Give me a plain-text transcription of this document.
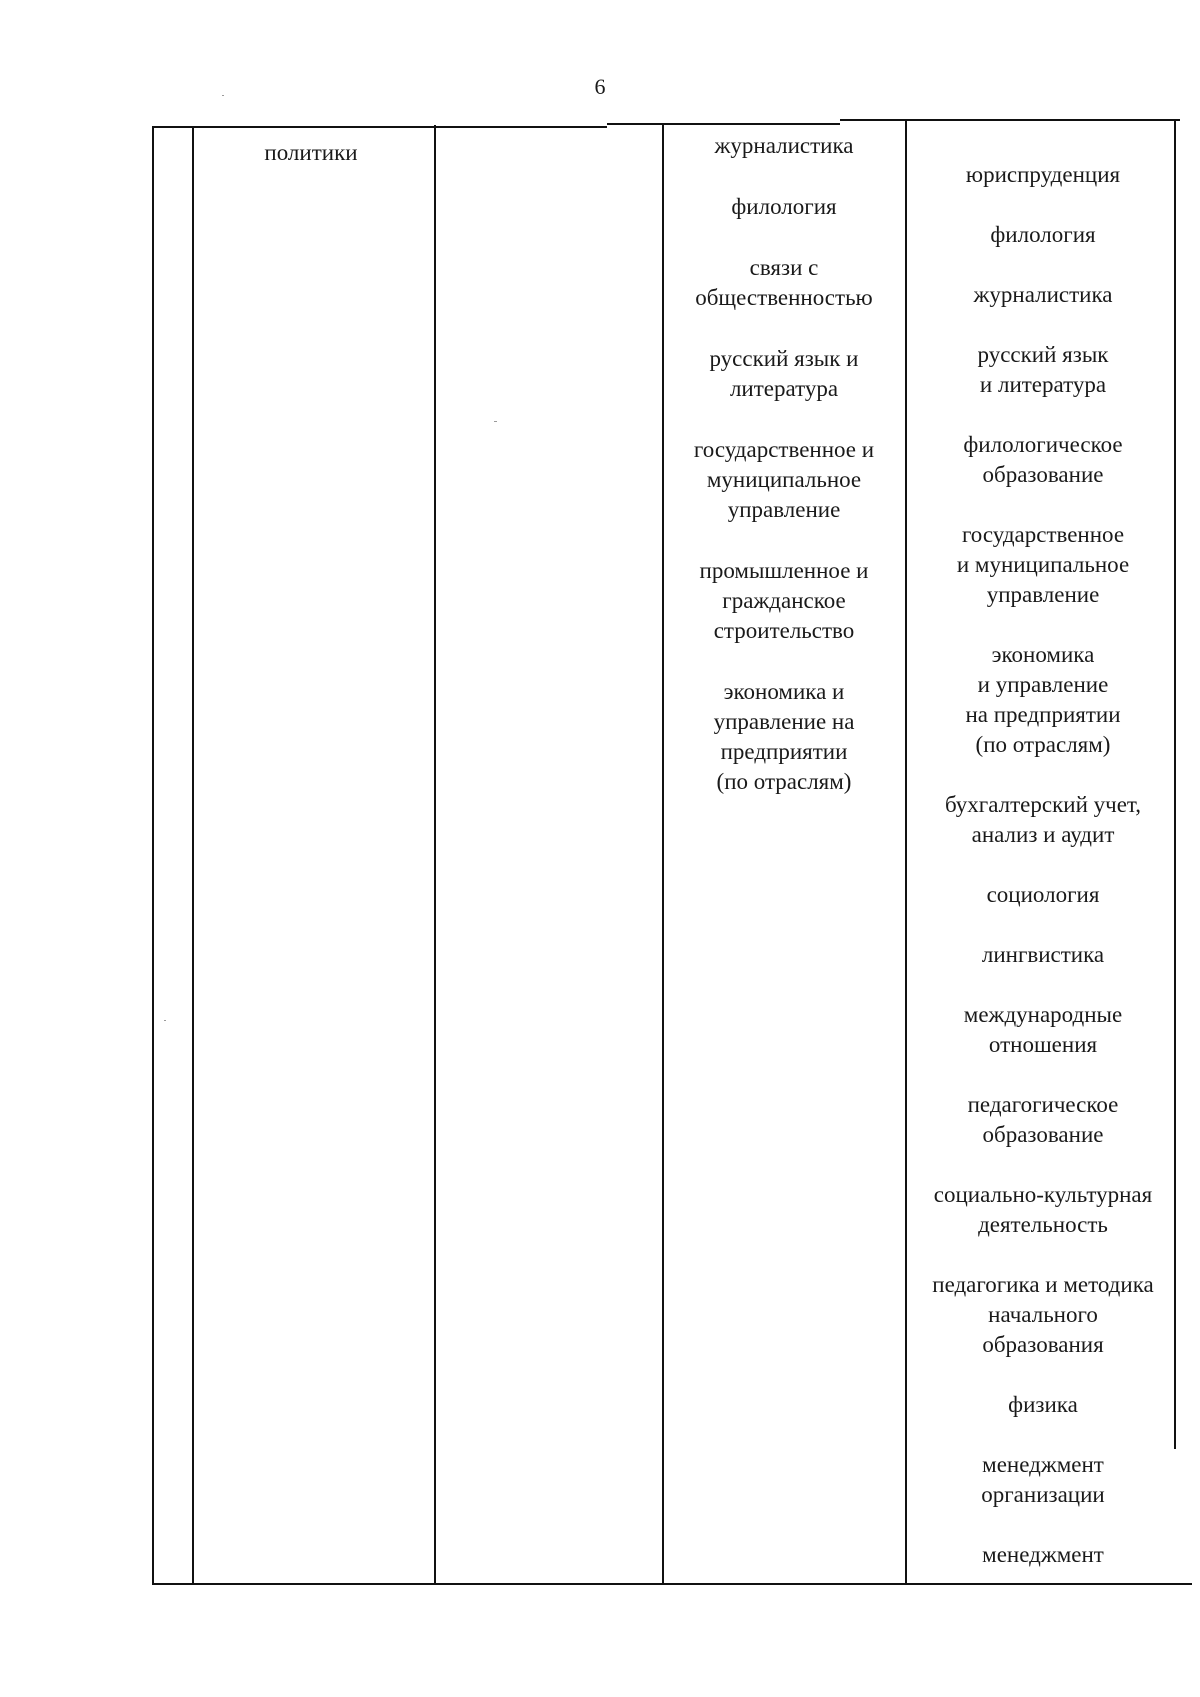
6
политики	журналистика
филология
связи с
общественностью
русский язык и
литература
государственное и
муниципальное
управление
промышленное и
гражданское
строительство
экономика и
управление на
предприятии
(по отраслям)
юриспруденция
филология
журналистика
русский язык
и литература
филологическое
образование
государственное
и муниципальное
управление
экономика
и управление
на предприятии
(по отраслям)
бухгалтерский учет,
анализ и аудит
социология
лингвистика
международные
отношения
педагогическое
образование
социально-культурная
деятельность
педагогика и методика
начального
образования
физика
менеджмент
организации
менеджмент
